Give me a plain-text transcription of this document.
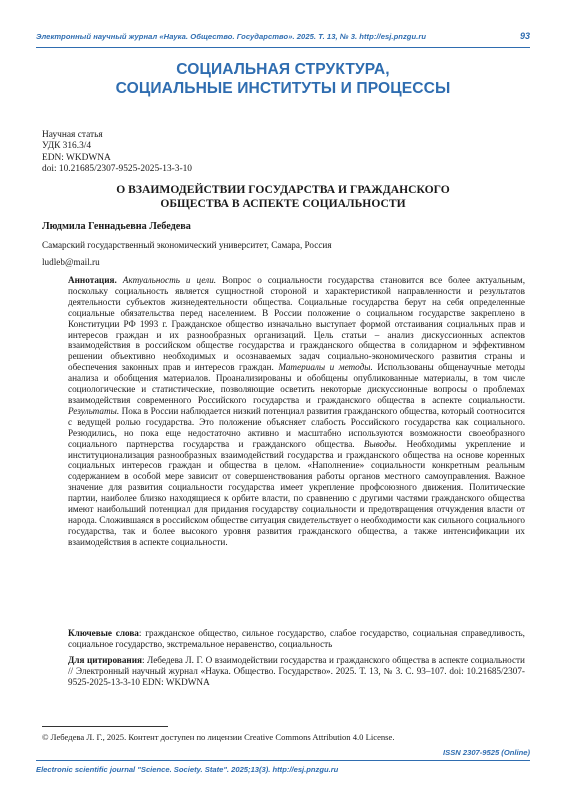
Электронный научный журнал «Наука. Общество. Государство». 2025. Т. 13, № 3. http://esj.pnzgu.ru	93
СОЦИАЛЬНАЯ СТРУКТУРА,
СОЦИАЛЬНЫЕ ИНСТИТУТЫ И ПРОЦЕССЫ
Научная статья
УДК 316.3/4
EDN: WKDWNA
doi: 10.21685/2307-9525-2025-13-3-10
О ВЗАИМОДЕЙСТВИИ ГОСУДАРСТВА И ГРАЖДАНСКОГО
ОБЩЕСТВА В АСПЕКТЕ СОЦИАЛЬНОСТИ
Людмила Геннадьевна Лебедева
Самарский государственный экономический университет, Самара, Россия
ludleb@mail.ru

Аннотация. Актуальность и цели. Вопрос о социальности государства становится все более актуальным, поскольку социальность является сущностной стороной и характеристикой направленности и результатов деятельности субъектов жизнедеятельности общества. Социальные государства берут на себя определенные социальные обязательства перед населением. В России положение о социальном государстве закреплено в Конституции РФ 1993 г. Гражданское общество изначально выступает формой отстаивания социальных прав и интересов граждан и их разнообразных организаций. Цель статьи – анализ дискуссионных аспектов взаимодействия в российском обществе государства и гражданского общества в солидарном и эффективном решении объективно необходимых и осознаваемых задач социально-экономического развития страны и обеспечения законных прав и интересов граждан. Материалы и методы. Использованы общенаучные методы анализа и обобщения материалов. Проанализированы и обобщены опубликованные материалы, в том числе социологические и статистические, позволяющие осветить некоторые дискуссионные вопросы о проблемах взаимодействия современного Российского государства и гражданского общества в аспекте социальности. Результаты. Пока в России наблюдается низкий потенциал развития гражданского общества, который соотносится с ведущей ролью государства. Это положение объясняет слабость Российского государства как социального. Резюдились, но пока еще недостаточно активно и масштабно используются возможности своеобразного социального партнерства государства и гражданского общества. Выводы. Необходимы укрепление и институционализация разнообразных взаимодействий государства и гражданского общества на основе коренных социальных интересов граждан и общества в целом. «Наполнение» социальности конкретным реальным содержанием в особой мере зависит от совершенствования работы органов местного самоуправления. Важное значение для развития социальности государства имеет укрепление профсоюзного движения. Политические партии, наиболее близко находящиеся к орбите власти, по сравнению с другими частями гражданского общества имеют наибольший потенциал для придания государству социальности и предотвращения отчуждения власти от народа. Сложившаяся в российском обществе ситуация свидетельствует о необходимости как сильного социального государства, так и более высокого уровня развития гражданского общества, а также интенсификации их взаимодействия в аспекте социальности.

Ключевые слова: гражданское общество, сильное государство, слабое государство, социальная справедливость, социальное государство, экстремальное неравенство, социальность
Для цитирования: Лебедева Л. Г. О взаимодействии государства и гражданского общества в аспекте социальности // Электронный научный журнал «Наука. Общество. Государство». 2025. Т. 13, № 3. С. 93–107. doi: 10.21685/2307-9525-2025-13-3-10 EDN: WKDWNA
© Лебедева Л. Г., 2025. Контент доступен по лицензии Creative Commons Attribution 4.0 License.
ISSN 2307-9525 (Online)
Electronic scientific journal "Science. Society. State". 2025;13(3). http://esj.pnzgu.ru
